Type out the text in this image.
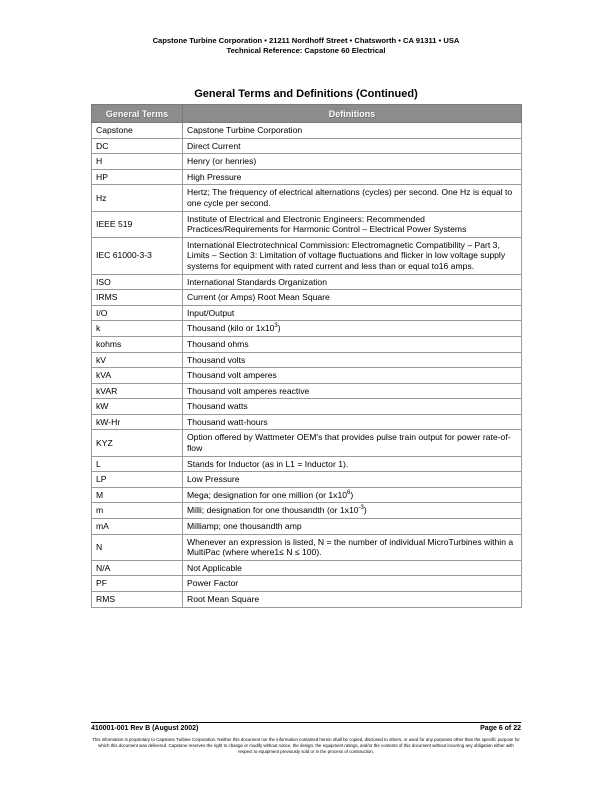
Capstone Turbine Corporation • 21211 Nordhoff Street • Chatsworth • CA 91311 • USA
Technical Reference: Capstone 60 Electrical
General Terms and Definitions (Continued)
General Terms	Definitions
Capstone	Capstone Turbine Corporation
DC	Direct Current
H	Henry (or henries)
HP	High Pressure
Hz	Hertz; The frequency of electrical alternations (cycles) per second. One Hz is equal to one cycle per second.
IEEE 519	Institute of Electrical and Electronic Engineers: Recommended Practices/Requirements for Harmonic Control – Electrical Power Systems
IEC 61000-3-3	International Electrotechnical Commission: Electromagnetic Compatibility – Part 3, Limits – Section 3: Limitation of voltage fluctuations and flicker in low voltage supply systems for equipment with rated current and less than or equal to16 amps.
ISO	International Standards Organization
IRMS	Current (or Amps) Root Mean Square
I/O	Input/Output
k	Thousand (kilo or $1x10^3$)
kohms	Thousand ohms
kV	Thousand volts
kVA	Thousand volt amperes
kVAR	Thousand volt amperes reactive
kW	Thousand watts
kW-Hr	Thousand watt-hours
KYZ	Option offered by Wattmeter OEM's that provides pulse train output for power rate-of-flow
L	Stands for Inductor (as in L1 = Inductor 1).
LP	Low Pressure
M	Mega; designation for one million (or $1x10^6$)
m	Milli; designation for one thousandth (or $1x10^{-3}$)
mA	Milliamp; one thousandth amp
N	Whenever an expression is listed, N = the number of individual MicroTurbines within a MultiPac (where where1≤ N ≤ 100).
N/A	Not Applicable
PF	Power Factor
RMS	Root Mean Square
410001-001 Rev B (August 2002)	Page 6 of 22
This information is proprietary to Capstone Turbine Corporation. Neither this document nor the information contained herein shall be copied, disclosed to others, or used for any purposes other than the specific purpose for which this document was delivered. Capstone reserves the right to change or modify without notice, the design, the equipment ratings, and/or the contents of this document without incurring any obligation either with respect to equipment previously sold or in the process of construction.
